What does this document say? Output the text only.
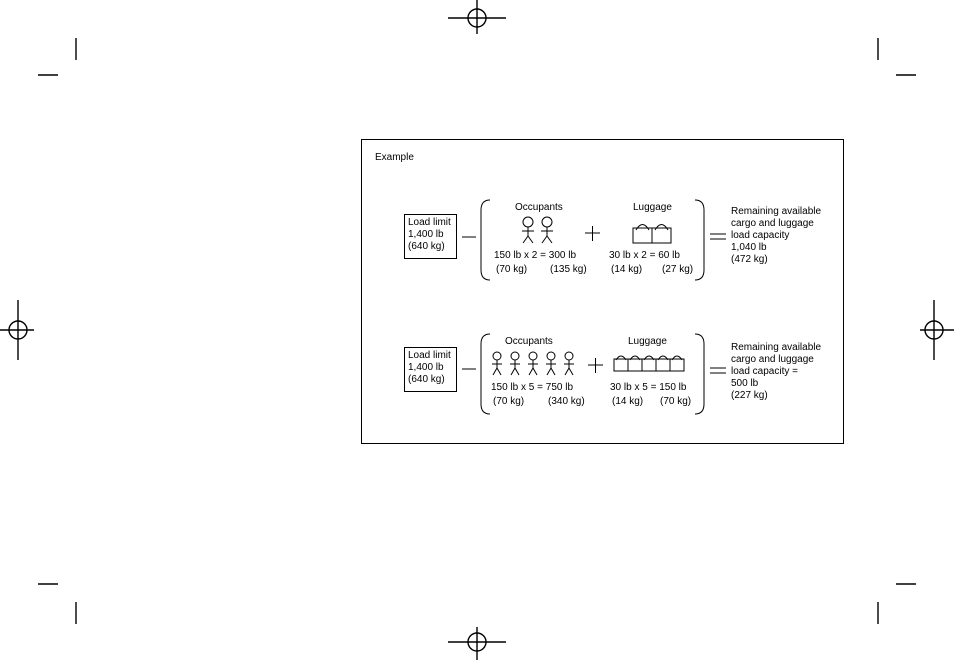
Example
Load limit
1,400 lb
(640 kg)
Occupants	Luggage
150 lb x 2 = 300 lb
(70 kg) (135 kg)
30 lb x 2 = 60 lb
(14 kg) (27 kg)
Remaining available
cargo and luggage
load capacity
1,040 lb
(472 kg)
Load limit
1,400 lb
(640 kg)
Occupants	Luggage
150 lb x 5 = 750 lb
(70 kg) (340 kg)
30 lb x 5 = 150 lb
(14 kg) (70 kg)
Remaining available
cargo and luggage
load capacity =
500 lb
(227 kg)
